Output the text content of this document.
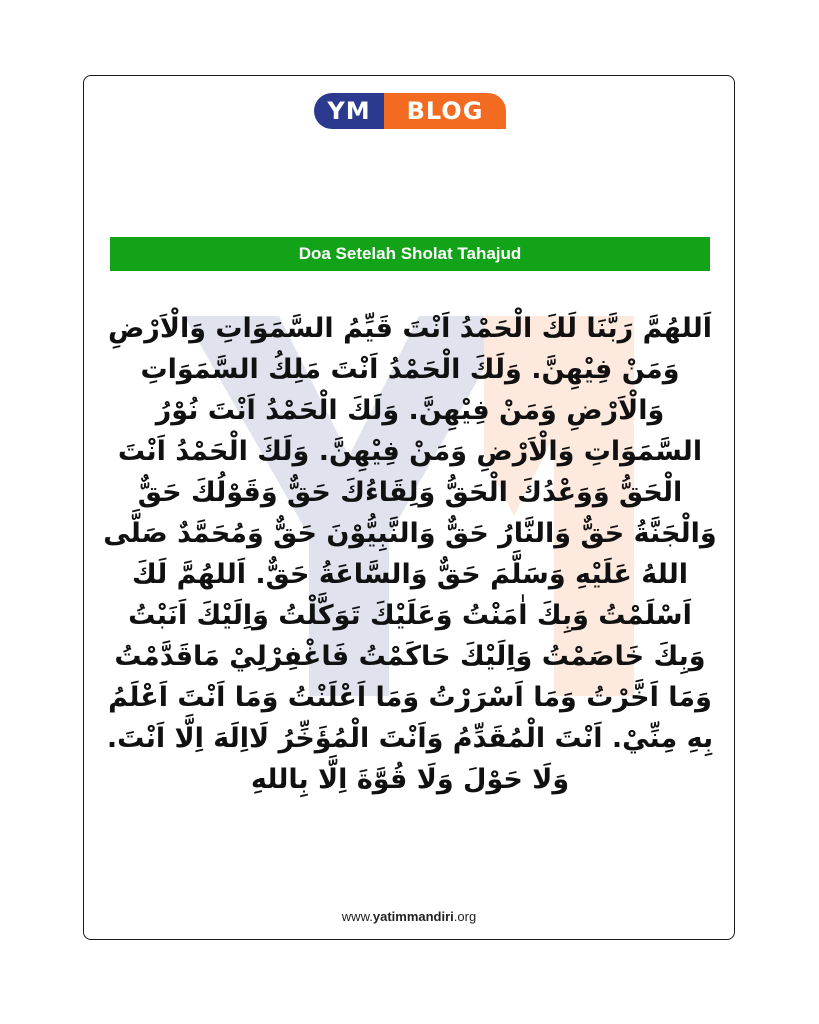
YM	BLOG
Doa Setelah Sholat Tahajud
اَللهُمَّ رَبَّنَا لَكَ الْحَمْدُ اَنْتَ قَيِّمُ السَّمَوَاتِ وَالْاَرْضِ وَمَنْ فِيْهِنَّ. وَلَكَ الْحَمْدُ اَنْتَ مَلِكُ السَّمَوَاتِ وَالْاَرْضِ وَمَنْ فِيْهِنَّ. وَلَكَ الْحَمْدُ اَنْتَ نُوْرُ السَّمَوَاتِ وَالْاَرْضِ وَمَنْ فِيْهِنَّ. وَلَكَ الْحَمْدُ اَنْتَ الْحَقُّ وَوَعْدُكَ الْحَقُّ وَلِقَاءُكَ حَقٌّ وَقَوْلُكَ حَقٌّ وَالْجَنَّةُ حَقٌّ وَالنَّارُ حَقٌّ وَالنَّبِيُّوْنَ حَقٌّ وَمُحَمَّدٌ صَلَّى اللهُ عَلَيْهِ وَسَلَّمَ حَقٌّ وَالسَّاعَةُ حَقٌّ. اَللهُمَّ لَكَ اَسْلَمْتُ وَبِكَ اٰمَنْتُ وَعَلَيْكَ تَوَكَّلْتُ وَاِلَيْكَ اَنَبْتُ وَبِكَ خَاصَمْتُ وَاِلَيْكَ حَاكَمْتُ فَاغْفِرْلِيْ مَاقَدَّمْتُ وَمَا اَخَّرْتُ وَمَا اَسْرَرْتُ وَمَا اَعْلَنْتُ وَمَا اَنْتَ اَعْلَمُ بِهِ مِنِّيْ. اَنْتَ الْمُقَدِّمُ وَاَنْتَ الْمُؤَخِّرُ لَااِلَهَ اِلَّا اَنْتَ. وَلَا حَوْلَ وَلَا قُوَّةَ اِلَّا بِاللهِ
www.yatimmandiri.org
